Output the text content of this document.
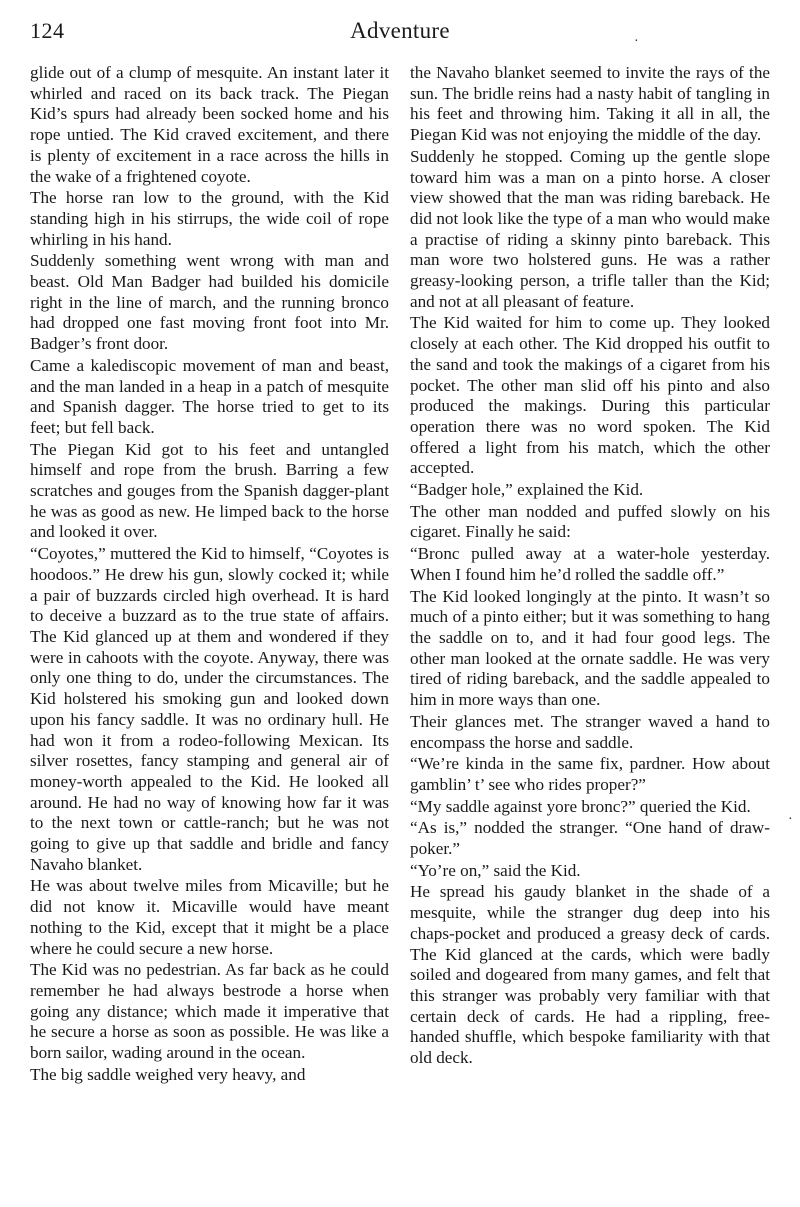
124	Adventure

glide out of a clump of mesquite. An instant later it whirled and raced on its back track. The Piegan Kid’s spurs had already been socked home and his rope untied. The Kid craved excitement, and there is plenty of excitement in a race across the hills in the wake of a frightened coyote.

The horse ran low to the ground, with the Kid standing high in his stirrups, the wide coil of rope whirling in his hand.

Suddenly something went wrong with man and beast. Old Man Badger had builded his domicile right in the line of march, and the running bronco had dropped one fast moving front foot into Mr. Badger’s front door.

Came a kalediscopic movement of man and beast, and the man landed in a heap in a patch of mesquite and Spanish dagger. The horse tried to get to its feet; but fell back.

The Piegan Kid got to his feet and untangled himself and rope from the brush. Barring a few scratches and gouges from the Spanish dagger-plant he was as good as new. He limped back to the horse and looked it over.

“Coyotes,” muttered the Kid to himself, “Coyotes is hoodoos.” He drew his gun, slowly cocked it; while a pair of buzzards circled high overhead. It is hard to deceive a buzzard as to the true state of affairs. The Kid glanced up at them and wondered if they were in cahoots with the coyote. Anyway, there was only one thing to do, under the circumstances. The Kid holstered his smoking gun and looked down upon his fancy saddle. It was no ordinary hull. He had won it from a rodeo-following Mexican. Its silver rosettes, fancy stamping and general air of money-worth appealed to the Kid. He looked all around. He had no way of knowing how far it was to the next town or cattle-ranch; but he was not going to give up that saddle and bridle and fancy Navaho blanket.

He was about twelve miles from Micaville; but he did not know it. Micaville would have meant nothing to the Kid, except that it might be a place where he could secure a new horse.

The Kid was no pedestrian. As far back as he could remember he had always bestrode a horse when going any distance; which made it imperative that he secure a horse as soon as possible. He was like a born sailor, wading around in the ocean.

The big saddle weighed very heavy, and

the Navaho blanket seemed to invite the rays of the sun. The bridle reins had a nasty habit of tangling in his feet and throwing him. Taking it all in all, the Piegan Kid was not enjoying the middle of the day.

Suddenly he stopped. Coming up the gentle slope toward him was a man on a pinto horse. A closer view showed that the man was riding bareback. He did not look like the type of a man who would make a practise of riding a skinny pinto bareback. This man wore two holstered guns. He was a rather greasy-looking person, a trifle taller than the Kid; and not at all pleasant of feature.

The Kid waited for him to come up. They looked closely at each other. The Kid dropped his outfit to the sand and took the makings of a cigaret from his pocket. The other man slid off his pinto and also produced the makings. During this particular operation there was no word spoken. The Kid offered a light from his match, which the other accepted.

“Badger hole,” explained the Kid.

The other man nodded and puffed slowly on his cigaret. Finally he said:

“Bronc pulled away at a water-hole yesterday. When I found him he’d rolled the saddle off.”

The Kid looked longingly at the pinto. It wasn’t so much of a pinto either; but it was something to hang the saddle on to, and it had four good legs. The other man looked at the ornate saddle. He was very tired of riding bareback, and the saddle appealed to him in more ways than one.

Their glances met. The stranger waved a hand to encompass the horse and saddle.

“We’re kinda in the same fix, pardner. How about gamblin’ t’ see who rides proper?”

“My saddle against yore bronc?” queried the Kid.

“As is,” nodded the stranger. “One hand of draw-poker.”

“Yo’re on,” said the Kid.

He spread his gaudy blanket in the shade of a mesquite, while the stranger dug deep into his chaps-pocket and produced a greasy deck of cards. The Kid glanced at the cards, which were badly soiled and dogeared from many games, and felt that this stranger was probably very familiar with that certain deck of cards. He had a rippling, free-handed shuffle, which bespoke familiarity with that old deck.

·
·
